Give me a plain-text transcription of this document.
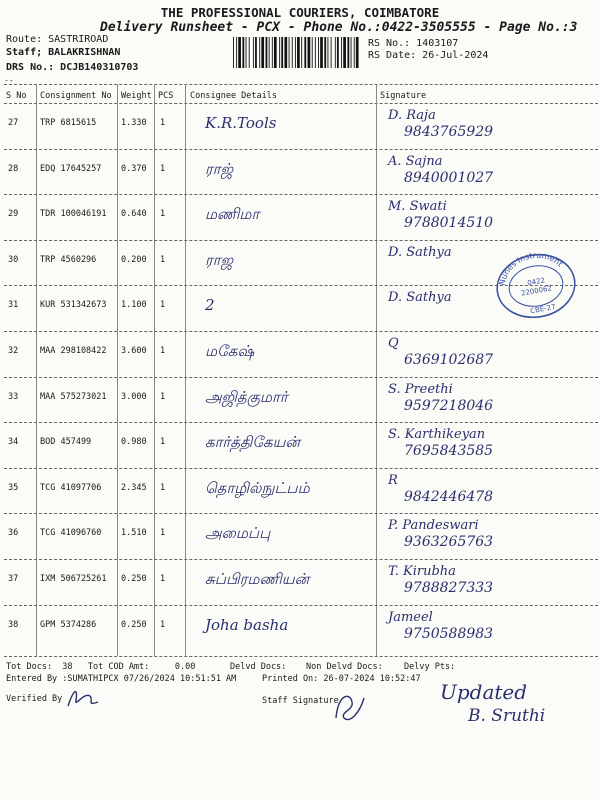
THE PROFESSIONAL COURIERS, COIMBATORE
Delivery Runsheet - PCX - Phone No.:0422-3505555 - Page No.:3
Route: SASTRIROAD
Staff; BALAKRISHNAN
DRS No.: DCJB140310703
RS No.: 1403107
RS Date: 26-Jul-2024
--
S No Consignment No Weight PCS Consignee Details	Signature
27	TRP 6815615	1.330 1	K.R.Tools	D. Raja
9843765929
28	EDQ 17645257 0.370 1	ராஜ்	A. Sajna
8940001027
29	TDR 100046191 0.640 1	மணிமா	M. Swati
9788014510
30	TRP 4560296	0.200 1	ராஜ	D. Sathya
31	KUR 531342673 1.100 1	2	D. Sathya
32	MAA 298108422 3.600 1	மகேஷ்	Q
6369102687
33	MAA 575273021 3.000 1	அஜித்குமார்	S. Preethi
9597218046
34	BOD 457499	0.980 1	கார்த்திகேயன்	S. Karthikeyan
7695843585
35	TCG 41097706 2.345 1	தொழில்நுட்பம்	R
9842446478
36	TCG 41096760 1.510 1	அமைப்பு	P. Pandeswari
9363265763
37	IXM 506725261 0.250 1	சுப்பிரமணியன்	T. Kirubha
9788827333
38	GPM 5374286	0.250 1	Joha basha	Jameel
9750588983
Nunes Instrument
0422
2200062
CBE-27
Tot Docs:  38   Tot COD Amt:     0.00	Delvd Docs: Non Delvd Docs: Delvy Pts:
Entered By :SUMATHIPCX 07/26/2024 10:51:51 AM	Printed On: 26-07-2024 10:52:47
Verified By	Staff Signature	Updated
B. Sruthi
